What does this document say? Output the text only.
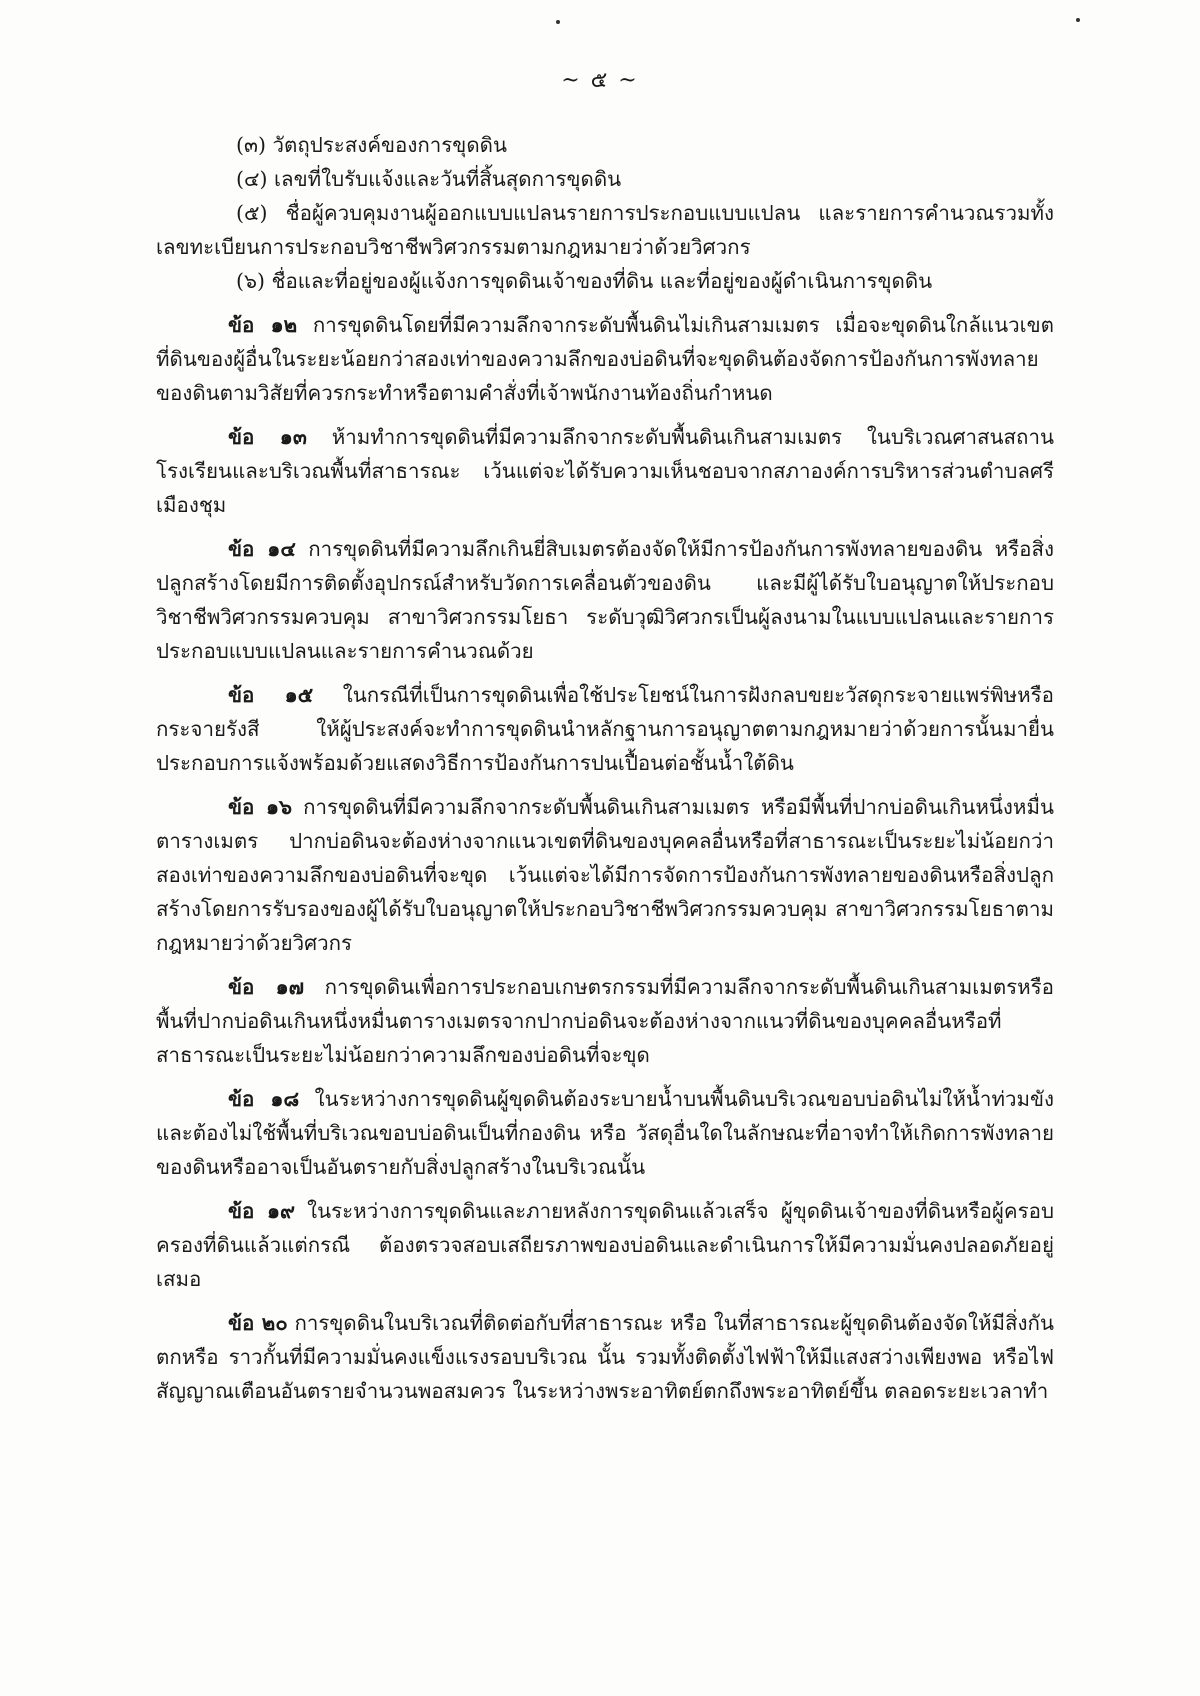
~ ๕ ~

(๓) วัตถุประสงค์ของการขุดดิน

(๔) เลขที่ใบรับแจ้งและวันที่สิ้นสุดการขุดดิน

(๕) ชื่อผู้ควบคุมงานผู้ออกแบบแปลนรายการประกอบแบบแปลน และรายการคำนวณรวมทั้งเลขทะเบียนการประกอบวิชาชีพวิศวกรรมตามกฎหมายว่าด้วยวิศวกร

(๖) ชื่อและที่อยู่ของผู้แจ้งการขุดดินเจ้าของที่ดิน และที่อยู่ของผู้ดำเนินการขุดดิน

ข้อ ๑๒ การขุดดินโดยที่มีความลึกจากระดับพื้นดินไม่เกินสามเมตร เมื่อจะขุดดินใกล้แนวเขตที่ดินของผู้อื่นในระยะน้อยกว่าสองเท่าของความลึกของบ่อดินที่จะขุดดินต้องจัดการป้องกันการพังทลายของดินตามวิสัยที่ควรกระทำหรือตามคำสั่งที่เจ้าพนักงานท้องถิ่นกำหนด

ข้อ ๑๓ ห้ามทำการขุดดินที่มีความลึกจากระดับพื้นดินเกินสามเมตร ในบริเวณศาสนสถานโรงเรียนและบริเวณพื้นที่สาธารณะ เว้นแต่จะได้รับความเห็นชอบจากสภาองค์การบริหารส่วนตำบลศรีเมืองชุม

ข้อ ๑๔ การขุดดินที่มีความลึกเกินยี่สิบเมตรต้องจัดให้มีการป้องกันการพังทลายของดิน หรือสิ่งปลูกสร้างโดยมีการติดตั้งอุปกรณ์สำหรับวัดการเคลื่อนตัวของดิน และมีผู้ได้รับใบอนุญาตให้ประกอบวิชาชีพวิศวกรรมควบคุม สาขาวิศวกรรมโยธา ระดับวุฒิวิศวกรเป็นผู้ลงนามในแบบแปลนและรายการประกอบแบบแปลนและรายการคำนวณด้วย

ข้อ ๑๕ ในกรณีที่เป็นการขุดดินเพื่อใช้ประโยชน์ในการฝังกลบขยะวัสดุกระจายแพร่พิษหรือกระจายรังสี ให้ผู้ประสงค์จะทำการขุดดินนำหลักฐานการอนุญาตตามกฎหมายว่าด้วยการนั้นมายื่นประกอบการแจ้งพร้อมด้วยแสดงวิธีการป้องกันการปนเปื้อนต่อชั้นน้ำใต้ดิน

ข้อ ๑๖ การขุดดินที่มีความลึกจากระดับพื้นดินเกินสามเมตร หรือมีพื้นที่ปากบ่อดินเกินหนึ่งหมื่นตารางเมตร ปากบ่อดินจะต้องห่างจากแนวเขตที่ดินของบุคคลอื่นหรือที่สาธารณะเป็นระยะไม่น้อยกว่าสองเท่าของความลึกของบ่อดินที่จะขุด เว้นแต่จะได้มีการจัดการป้องกันการพังทลายของดินหรือสิ่งปลูกสร้างโดยการรับรองของผู้ได้รับใบอนุญาตให้ประกอบวิชาชีพวิศวกรรมควบคุม สาขาวิศวกรรมโยธาตามกฎหมายว่าด้วยวิศวกร

ข้อ ๑๗ การขุดดินเพื่อการประกอบเกษตรกรรมที่มีความลึกจากระดับพื้นดินเกินสามเมตรหรือพื้นที่ปากบ่อดินเกินหนึ่งหมื่นตารางเมตรจากปากบ่อดินจะต้องห่างจากแนวที่ดินของบุคคลอื่นหรือที่สาธารณะเป็นระยะไม่น้อยกว่าความลึกของบ่อดินที่จะขุด

ข้อ ๑๘ ในระหว่างการขุดดินผู้ขุดดินต้องระบายน้ำบนพื้นดินบริเวณขอบบ่อดินไม่ให้น้ำท่วมขังและต้องไม่ใช้พื้นที่บริเวณขอบบ่อดินเป็นที่กองดิน หรือ วัสดุอื่นใดในลักษณะที่อาจทำให้เกิดการพังทลายของดินหรืออาจเป็นอันตรายกับสิ่งปลูกสร้างในบริเวณนั้น

ข้อ ๑๙ ในระหว่างการขุดดินและภายหลังการขุดดินแล้วเสร็จ ผู้ขุดดินเจ้าของที่ดินหรือผู้ครอบครองที่ดินแล้วแต่กรณี ต้องตรวจสอบเสถียรภาพของบ่อดินและดำเนินการให้มีความมั่นคงปลอดภัยอยู่เสมอ

ข้อ ๒๐ การขุดดินในบริเวณที่ติดต่อกับที่สาธารณะ หรือ ในที่สาธารณะผู้ขุดดินต้องจัดให้มีสิ่งกันตกหรือ ราวกั้นที่มีความมั่นคงแข็งแรงรอบบริเวณ นั้น รวมทั้งติดตั้งไฟฟ้าให้มีแสงสว่างเพียงพอ หรือไฟสัญญาณเตือนอันตรายจำนวนพอสมควร ในระหว่างพระอาทิตย์ตกถึงพระอาทิตย์ขึ้น ตลอดระยะเวลาทำ
